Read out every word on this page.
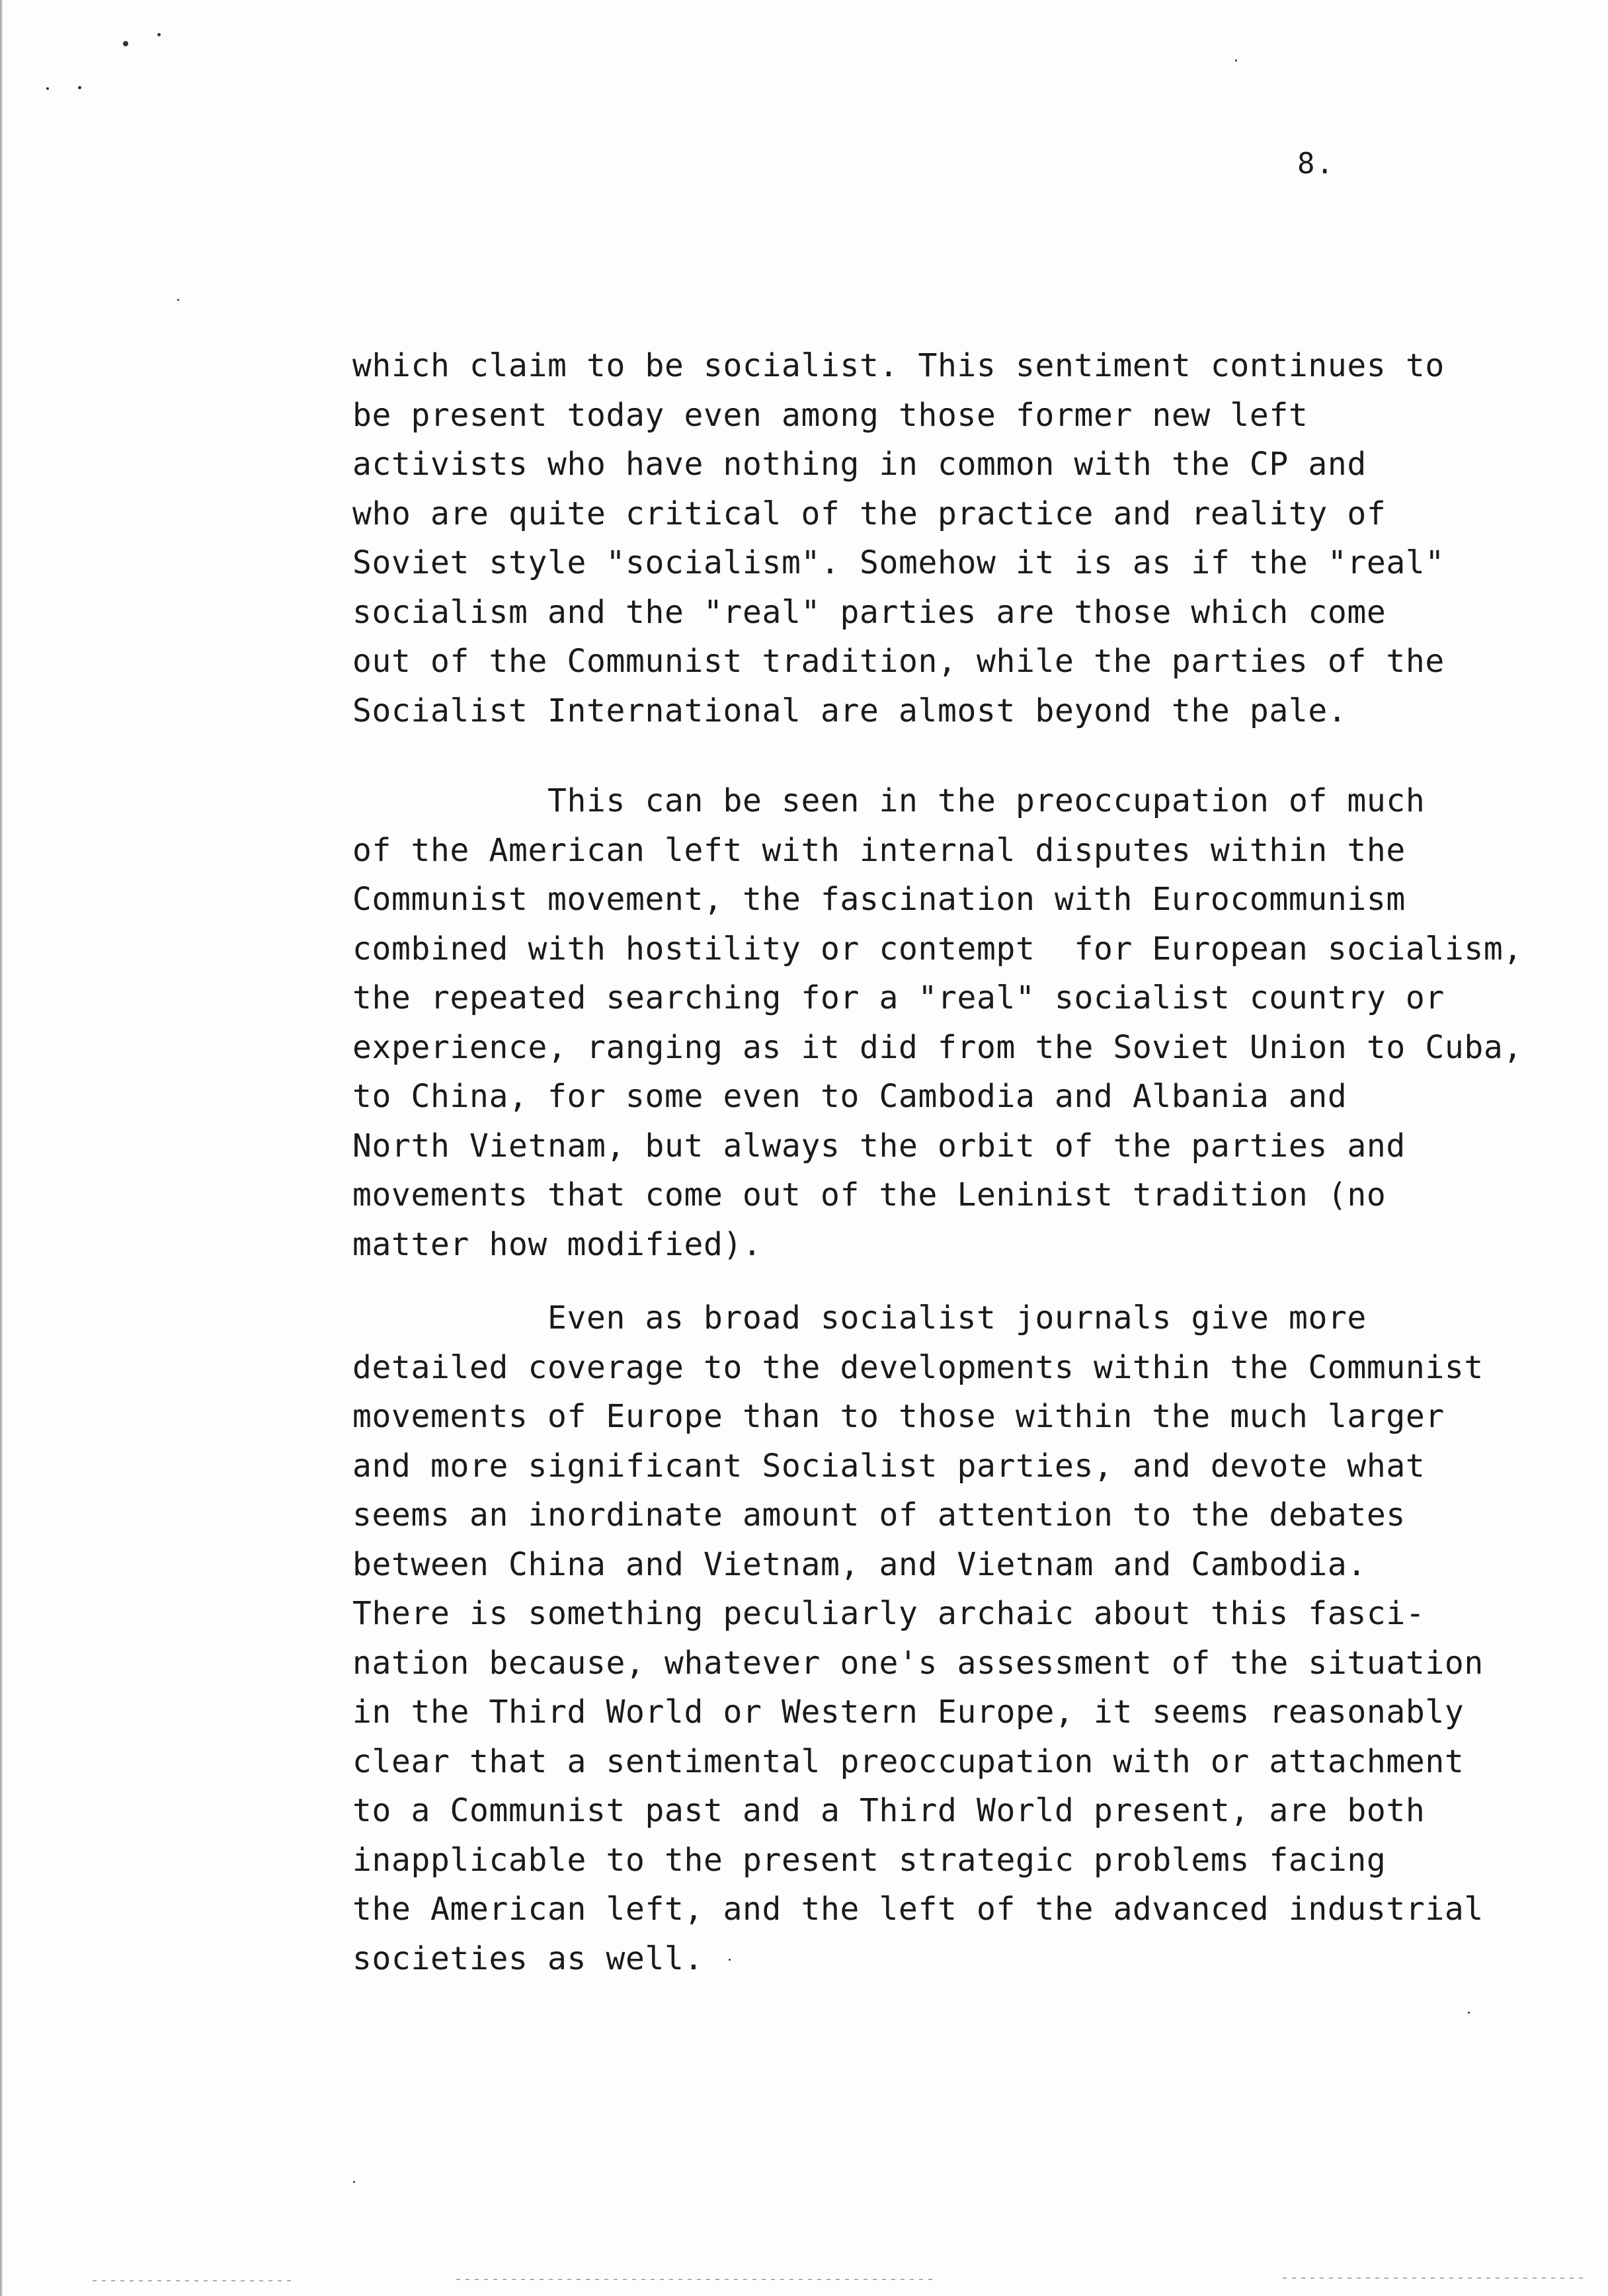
8.
which claim to be socialist. This sentiment continues to
be present today even among those former new left
activists who have nothing in common with the CP and
who are quite critical of the practice and reality of
Soviet style "socialism". Somehow it is as if the "real"
socialism and the "real" parties are those which come
out of the Communist tradition, while the parties of the
Socialist International are almost beyond the pale.
This can be seen in the preoccupation of much
of the American left with internal disputes within the
Communist movement, the fascination with Eurocommunism
combined with hostility or contempt  for European socialism,
the repeated searching for a "real" socialist country or
experience, ranging as it did from the Soviet Union to Cuba,
to China, for some even to Cambodia and Albania and
North Vietnam, but always the orbit of the parties and
movements that come out of the Leninist tradition (no
matter how modified).
Even as broad socialist journals give more
detailed coverage to the developments within the Communist
movements of Europe than to those within the much larger
and more significant Socialist parties, and devote what
seems an inordinate amount of attention to the debates
between China and Vietnam, and Vietnam and Cambodia.
There is something peculiarly archaic about this fasci-
nation because, whatever one's assessment of the situation
in the Third World or Western Europe, it seems reasonably
clear that a sentimental preoccupation with or attachment
to a Communist past and a Third World present, are both
inapplicable to the present strategic problems facing
the American left, and the left of the advanced industrial
societies as well.
